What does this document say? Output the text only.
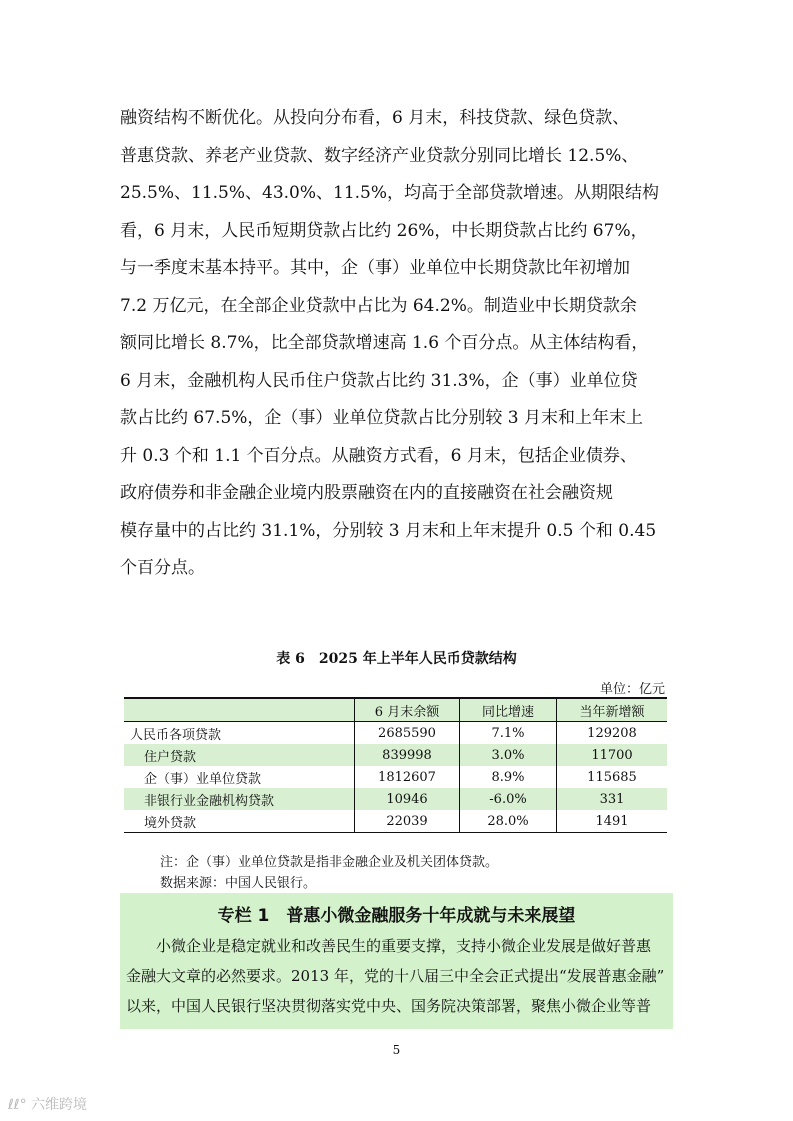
融资结构不断优化。从投向分布看，6 月末，科技贷款、绿色贷款、
普惠贷款、养老产业贷款、数字经济产业贷款分别同比增长 12.5%、
25.5%、11.5%、43.0%、11.5%，均高于全部贷款增速。从期限结构
看，6 月末，人民币短期贷款占比约 26%，中长期贷款占比约 67%，
与一季度末基本持平。其中，企（事）业单位中长期贷款比年初增加
7.2 万亿元，在全部企业贷款中占比为 64.2%。制造业中长期贷款余
额同比增长 8.7%，比全部贷款增速高 1.6 个百分点。从主体结构看，
6 月末，金融机构人民币住户贷款占比约 31.3%，企（事）业单位贷
款占比约 67.5%，企（事）业单位贷款占比分别较 3 月末和上年末上
升 0.3 个和 1.1 个百分点。从融资方式看，6 月末，包括企业债券、
政府债券和非金融企业境内股票融资在内的直接融资在社会融资规
模存量中的占比约 31.1%，分别较 3 月末和上年末提升 0.5 个和 0.45
个百分点。
表 6　2025 年上半年人民币贷款结构
单位：亿元
	6 月末余额	同比增速	当年新增额
人民币各项贷款	2685590	7.1%	129208
住户贷款	839998	3.0%	11700
企（事）业单位贷款	1812607	8.9%	115685
非银行业金融机构贷款	10946	-6.0%	331
境外贷款	22039	28.0%	1491
注：企（事）业单位贷款是指非金融企业及机关团体贷款。
数据来源：中国人民银行。
专栏 1　普惠小微金融服务十年成就与未来展望
　　小微企业是稳定就业和改善民生的重要支撑，支持小微企业发展是做好普惠
金融大文章的必然要求。2013 年，党的十八届三中全会正式提出“发展普惠金融”
以来，中国人民银行坚决贯彻落实党中央、国务院决策部署，聚焦小微企业等普
5
ℓℓ° 六维跨境
